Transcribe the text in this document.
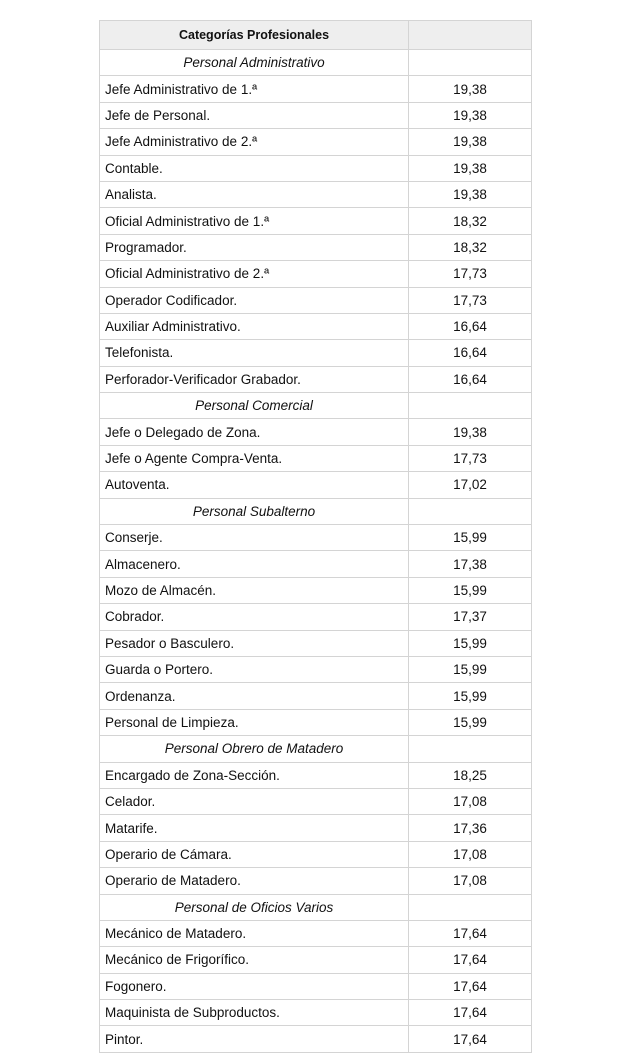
Categorías Profesionales	
Personal Administrativo	
Jefe Administrativo de 1.ª	19,38
Jefe de Personal.	19,38
Jefe Administrativo de 2.ª	19,38
Contable.	19,38
Analista.	19,38
Oficial Administrativo de 1.ª	18,32
Programador.	18,32
Oficial Administrativo de 2.ª	17,73
Operador Codificador.	17,73
Auxiliar Administrativo.	16,64
Telefonista.	16,64
Perforador-Verificador Grabador.	16,64
Personal Comercial	
Jefe o Delegado de Zona.	19,38
Jefe o Agente Compra-Venta.	17,73
Autoventa.	17,02
Personal Subalterno	
Conserje.	15,99
Almacenero.	17,38
Mozo de Almacén.	15,99
Cobrador.	17,37
Pesador o Basculero.	15,99
Guarda o Portero.	15,99
Ordenanza.	15,99
Personal de Limpieza.	15,99
Personal Obrero de Matadero	
Encargado de Zona-Sección.	18,25
Celador.	17,08
Matarife.	17,36
Operario de Cámara.	17,08
Operario de Matadero.	17,08
Personal de Oficios Varios	
Mecánico de Matadero.	17,64
Mecánico de Frigorífico.	17,64
Fogonero.	17,64
Maquinista de Subproductos.	17,64
Pintor.	17,64
